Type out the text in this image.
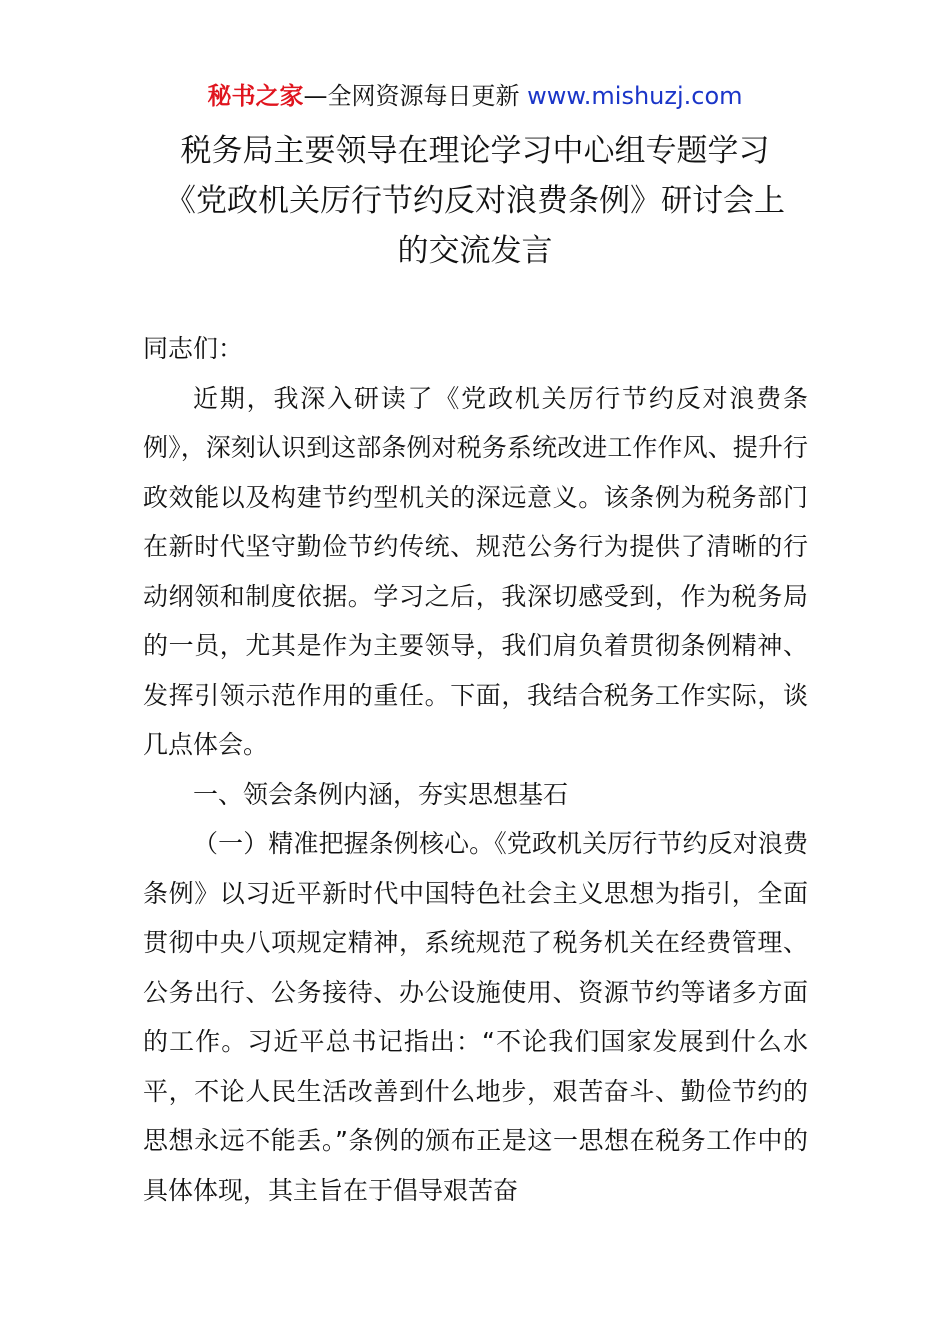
秘书之家—全网资源每日更新 www.mishuzj.com
税务局主要领导在理论学习中心组专题学习
《党政机关厉行节约反对浪费条例》研讨会上
的交流发言

同志们：

近期，我深入研读了《党政机关厉行节约反对浪费条例》，深刻认识到这部条例对税务系统改进工作作风、提升行政效能以及构建节约型机关的深远意义。该条例为税务部门在新时代坚守勤俭节约传统、规范公务行为提供了清晰的行动纲领和制度依据。学习之后，我深切感受到，作为税务局的一员，尤其是作为主要领导，我们肩负着贯彻条例精神、发挥引领示范作用的重任。下面，我结合税务工作实际，谈几点体会。

一、领会条例内涵，夯实思想基石

（一）精准把握条例核心。《党政机关厉行节约反对浪费条例》以习近平新时代中国特色社会主义思想为指引，全面贯彻中央八项规定精神，系统规范了税务机关在经费管理、公务出行、公务接待、办公设施使用、资源节约等诸多方面的工作。习近平总书记指出：“不论我们国家发展到什么水平，不论人民生活改善到什么地步，艰苦奋斗、勤俭节约的思想永远不能丢。”条例的颁布正是这一思想在税务工作中的具体体现，其主旨在于倡导艰苦奋
